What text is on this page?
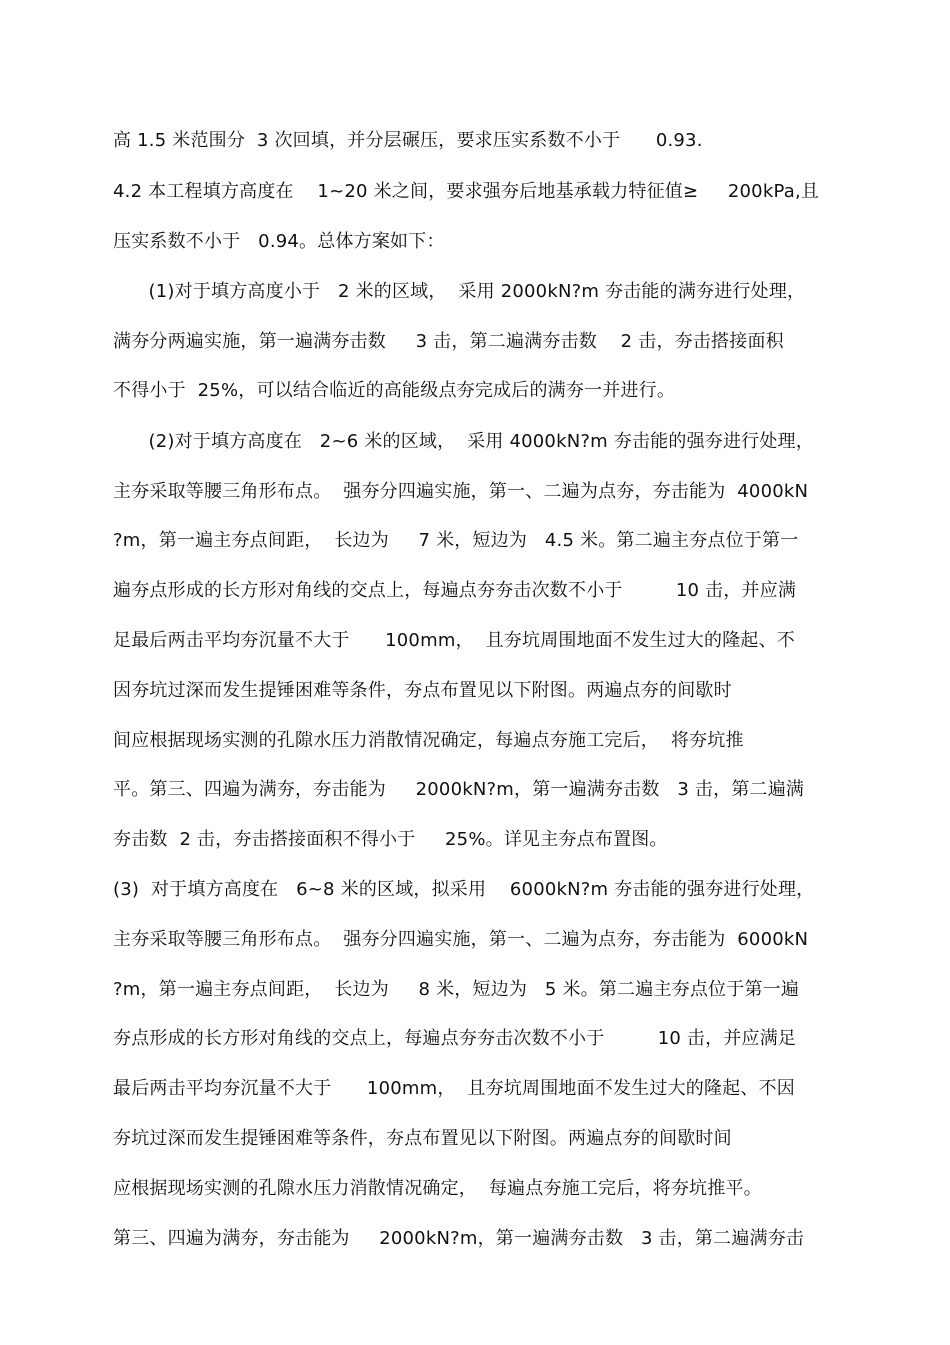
高 1.5 米范围分  3 次回填，并分层碾压，要求压实系数不小于      0.93.
4.2 本工程填方高度在    1~20 米之间，要求强夯后地基承载力特征值≥     200kPa,且
压实系数不小于   0.94。总体方案如下：
(1)对于填方高度小于   2 米的区域，  采用 2000kN?m 夯击能的满夯进行处理，
满夯分两遍实施，第一遍满夯击数     3 击，第二遍满夯击数    2 击，夯击搭接面积
不得小于  25%，可以结合临近的高能级点夯完成后的满夯一并进行。
(2)对于填方高度在   2~6 米的区域，  采用 4000kN?m 夯击能的强夯进行处理，
主夯采取等腰三角形布点。  强夯分四遍实施，第一、二遍为点夯，夯击能为  4000kN
?m，第一遍主夯点间距，  长边为     7 米，短边为   4.5 米。第二遍主夯点位于第一
遍夯点形成的长方形对角线的交点上，每遍点夯夯击次数不小于         10 击，并应满
足最后两击平均夯沉量不大于      100mm，  且夯坑周围地面不发生过大的隆起、不
因夯坑过深而发生提锤困难等条件，夯点布置见以下附图。两遍点夯的间歇时
间应根据现场实测的孔隙水压力消散情况确定，每遍点夯施工完后，  将夯坑推
平。第三、四遍为满夯，夯击能为     2000kN?m，第一遍满夯击数   3 击，第二遍满
夯击数  2 击，夯击搭接面积不得小于     25%。详见主夯点布置图。
(3)  对于填方高度在   6~8 米的区域，拟采用    6000kN?m 夯击能的强夯进行处理，
主夯采取等腰三角形布点。  强夯分四遍实施，第一、二遍为点夯，夯击能为  6000kN
?m，第一遍主夯点间距，  长边为     8 米，短边为   5 米。第二遍主夯点位于第一遍
夯点形成的长方形对角线的交点上，每遍点夯夯击次数不小于         10 击，并应满足
最后两击平均夯沉量不大于      100mm，  且夯坑周围地面不发生过大的隆起、不因
夯坑过深而发生提锤困难等条件，夯点布置见以下附图。两遍点夯的间歇时间
应根据现场实测的孔隙水压力消散情况确定，  每遍点夯施工完后，将夯坑推平。
第三、四遍为满夯，夯击能为     2000kN?m，第一遍满夯击数   3 击，第二遍满夯击
